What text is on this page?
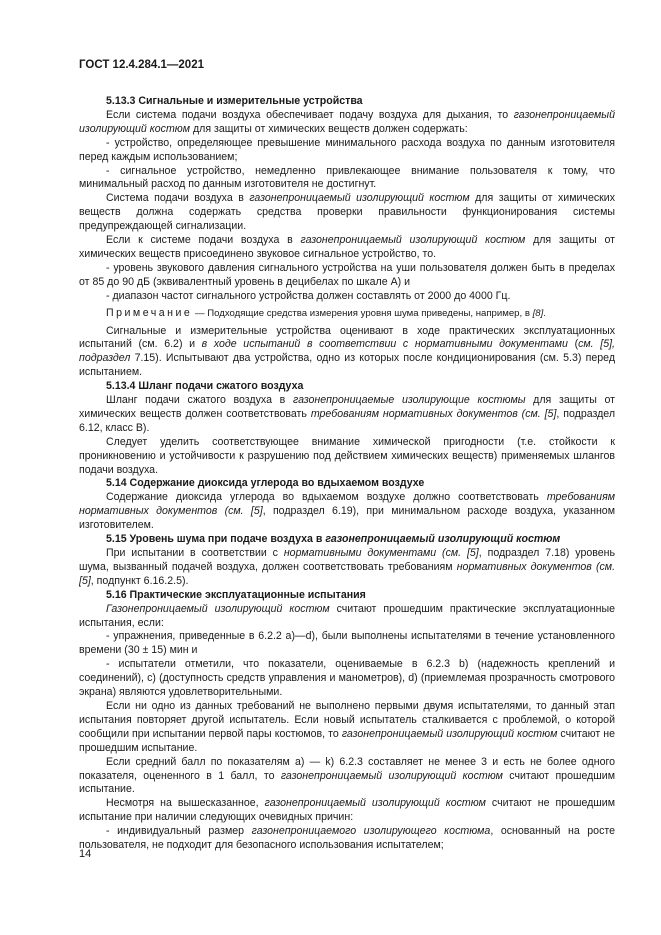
ГОСТ 12.4.284.1—2021

5.13.3 Сигнальные и измерительные устройства

Если система подачи воздуха обеспечивает подачу воздуха для дыхания, то газонепроницаемый изолирующий костюм для защиты от химических веществ должен содержать:

- устройство, определяющее превышение минимального расхода воздуха по данным изготовителя перед каждым использованием;

- сигнальное устройство, немедленно привлекающее внимание пользователя к тому, что минимальный расход по данным изготовителя не достигнут.

Система подачи воздуха в газонепроницаемый изолирующий костюм для защиты от химических веществ должна содержать средства проверки правильности функционирования системы предупреждающей сигнализации.

Если к системе подачи воздуха в газонепроницаемый изолирующий костюм для защиты от химических веществ присоединено звуковое сигнальное устройство, то.

- уровень звукового давления сигнального устройства на уши пользователя должен быть в пределах от 85 до 90 дБ (эквивалентный уровень в децибелах по шкале А) и

- диапазон частот сигнального устройства должен составлять от 2000 до 4000 Гц.

Примечание — Подходящие средства измерения уровня шума приведены, например, в [8].

Сигнальные и измерительные устройства оценивают в ходе практических эксплуатационных испытаний (см. 6.2) и в ходе испытаний в соответствии с нормативными документами (см. [5], подраздел 7.15). Испытывают два устройства, одно из которых после кондиционирования (см. 5.3) перед испытанием.

5.13.4 Шланг подачи сжатого воздуха

Шланг подачи сжатого воздуха в газонепроницаемые изолирующие костюмы для защиты от химических веществ должен соответствовать требованиям нормативных документов (см. [5], подраздел 6.12, класс В).

Следует уделить соответствующее внимание химической пригодности (т.е. стойкости к проникновению и устойчивости к разрушению под действием химических веществ) применяемых шлангов подачи воздуха.

5.14 Содержание диоксида углерода во вдыхаемом воздухе

Содержание диоксида углерода во вдыхаемом воздухе должно соответствовать требованиям нормативных документов (см. [5], подраздел 6.19), при минимальном расходе воздуха, указанном изготовителем.

5.15 Уровень шума при подаче воздуха в газонепроницаемый изолирующий костюм

При испытании в соответствии с нормативными документами (см. [5], подраздел 7.18) уровень шума, вызванный подачей воздуха, должен соответствовать требованиям нормативных документов (см. [5], подпункт 6.16.2.5).

5.16 Практические эксплуатационные испытания

Газонепроницаемый изолирующий костюм считают прошедшим практические эксплуатационные испытания, если:

- упражнения, приведенные в 6.2.2 а)—d), были выполнены испытателями в течение установленного времени (30 ± 15) мин и

- испытатели отметили, что показатели, оцениваемые в 6.2.3 b) (надежность креплений и соединений), с) (доступность средств управления и манометров), d) (приемлемая прозрачность смотрового экрана) являются удовлетворительными.

Если ни одно из данных требований не выполнено первыми двумя испытателями, то данный этап испытания повторяет другой испытатель. Если новый испытатель сталкивается с проблемой, о которой сообщили при испытании первой пары костюмов, то газонепроницаемый изолирующий костюм считают не прошедшим испытание.

Если средний балл по показателям а) — k) 6.2.3 составляет не менее 3 и есть не более одного показателя, оцененного в 1 балл, то газонепроницаемый изолирующий костюм считают прошедшим испытание.

Несмотря на вышесказанное, газонепроницаемый изолирующий костюм считают не прошедшим испытание при наличии следующих очевидных причин:

- индивидуальный размер газонепроницаемого изолирующего костюма, основанный на росте пользователя, не подходит для безопасного использования испытателем;

14
